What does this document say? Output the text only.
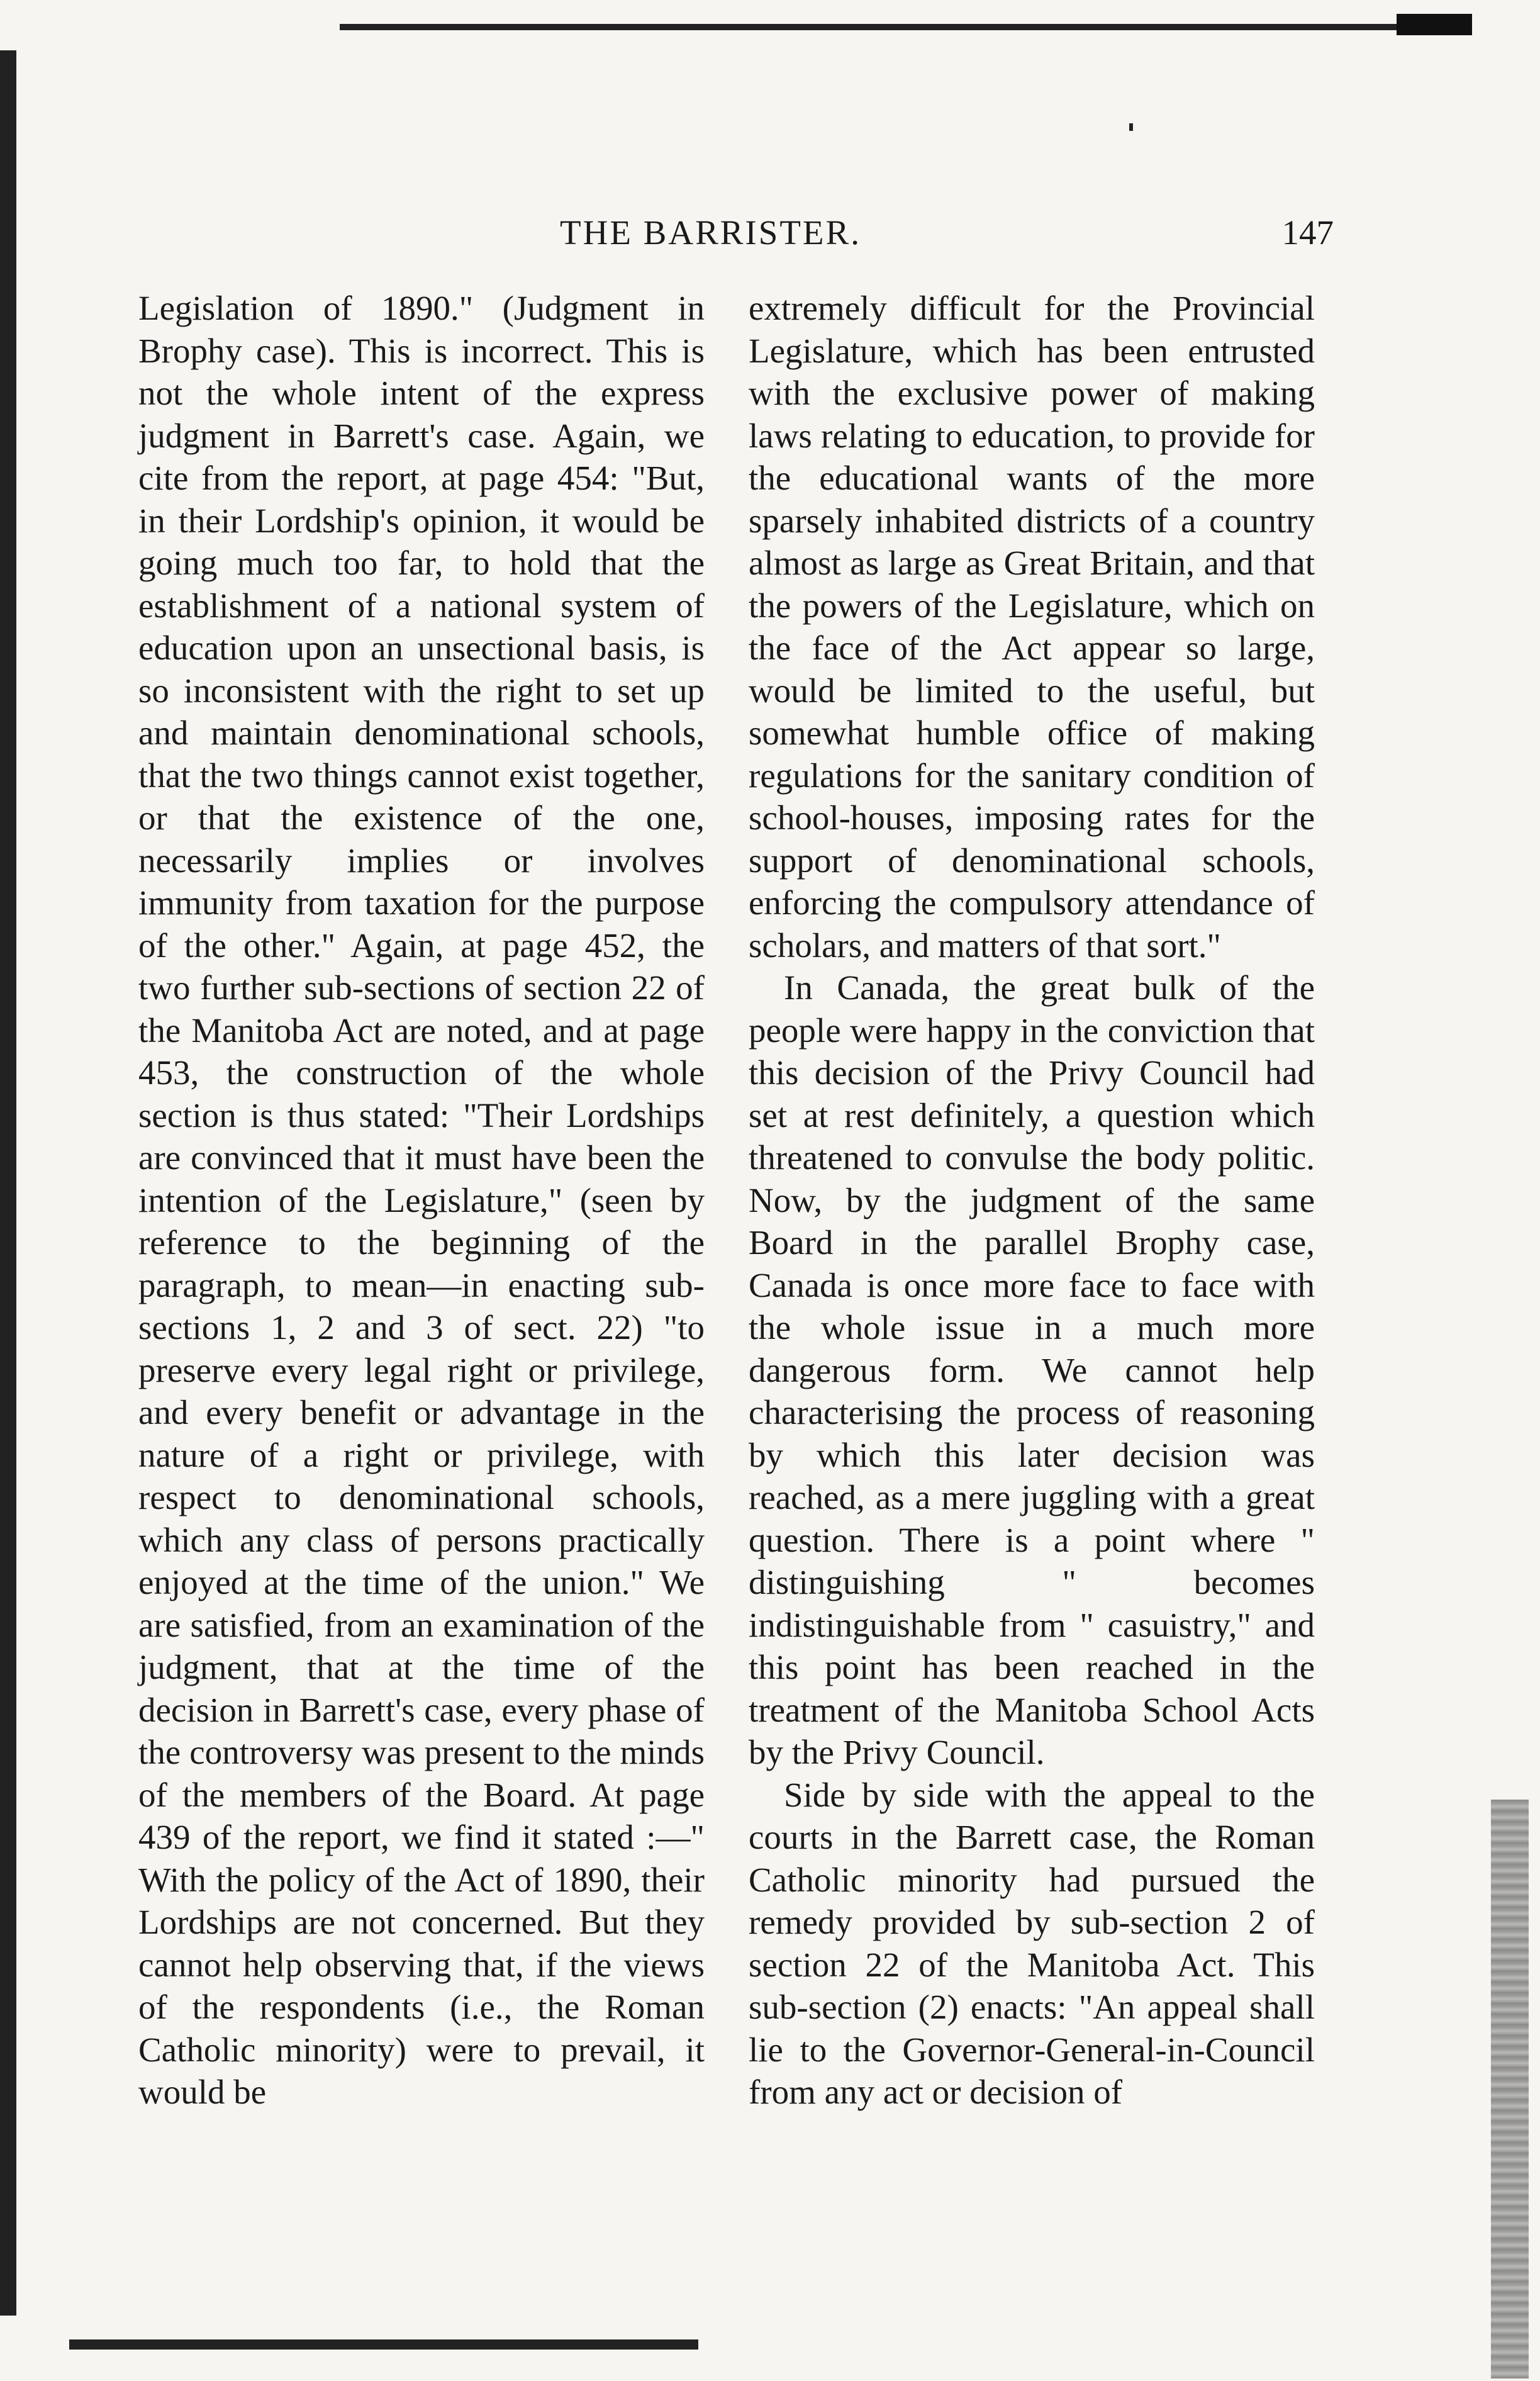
THE BARRISTER.	147

Legislation of 1890." (Judgment in Brophy case). This is incorrect. This is not the whole intent of the express judgment in Barrett's case. Again, we cite from the report, at page 454: "But, in their Lordship's opinion, it would be going much too far, to hold that the establishment of a national system of education upon an unsectional basis, is so inconsistent with the right to set up and maintain denominational schools, that the two things cannot exist together, or that the existence of the one, necessarily implies or involves immunity from taxation for the purpose of the other." Again, at page 452, the two further sub-sections of section 22 of the Manitoba Act are noted, and at page 453, the construction of the whole section is thus stated: "Their Lordships are convinced that it must have been the intention of the Legislature," (seen by reference to the beginning of the paragraph, to mean—in enacting sub-sections 1, 2 and 3 of sect. 22) "to preserve every legal right or privilege, and every benefit or advantage in the nature of a right or privilege, with respect to denominational schools, which any class of persons practically enjoyed at the time of the union." We are satisfied, from an examination of the judgment, that at the time of the decision in Barrett's case, every phase of the controversy was present to the minds of the members of the Board. At page 439 of the report, we find it stated :—" With the policy of the Act of 1890, their Lordships are not concerned. But they cannot help observing that, if the views of the respondents (i.e., the Roman Catholic minority) were to prevail, it would be

extremely difficult for the Provincial Legislature, which has been entrusted with the exclusive power of making laws relating to education, to provide for the educational wants of the more sparsely inhabited districts of a country almost as large as Great Britain, and that the powers of the Legislature, which on the face of the Act appear so large, would be limited to the useful, but somewhat humble office of making regulations for the sanitary condition of school-houses, imposing rates for the support of denominational schools, enforcing the compulsory attendance of scholars, and matters of that sort."

In Canada, the great bulk of the people were happy in the conviction that this decision of the Privy Council had set at rest definitely, a question which threatened to convulse the body politic. Now, by the judgment of the same Board in the parallel Brophy case, Canada is once more face to face with the whole issue in a much more dangerous form. We cannot help characterising the process of reasoning by which this later decision was reached, as a mere juggling with a great question. There is a point where " distinguishing " becomes indistinguishable from " casuistry," and this point has been reached in the treatment of the Manitoba School Acts by the Privy Council.

Side by side with the appeal to the courts in the Barrett case, the Roman Catholic minority had pursued the remedy provided by sub-section 2 of section 22 of the Manitoba Act. This sub-section (2) enacts: "An appeal shall lie to the Governor-General-in-Council from any act or decision of
